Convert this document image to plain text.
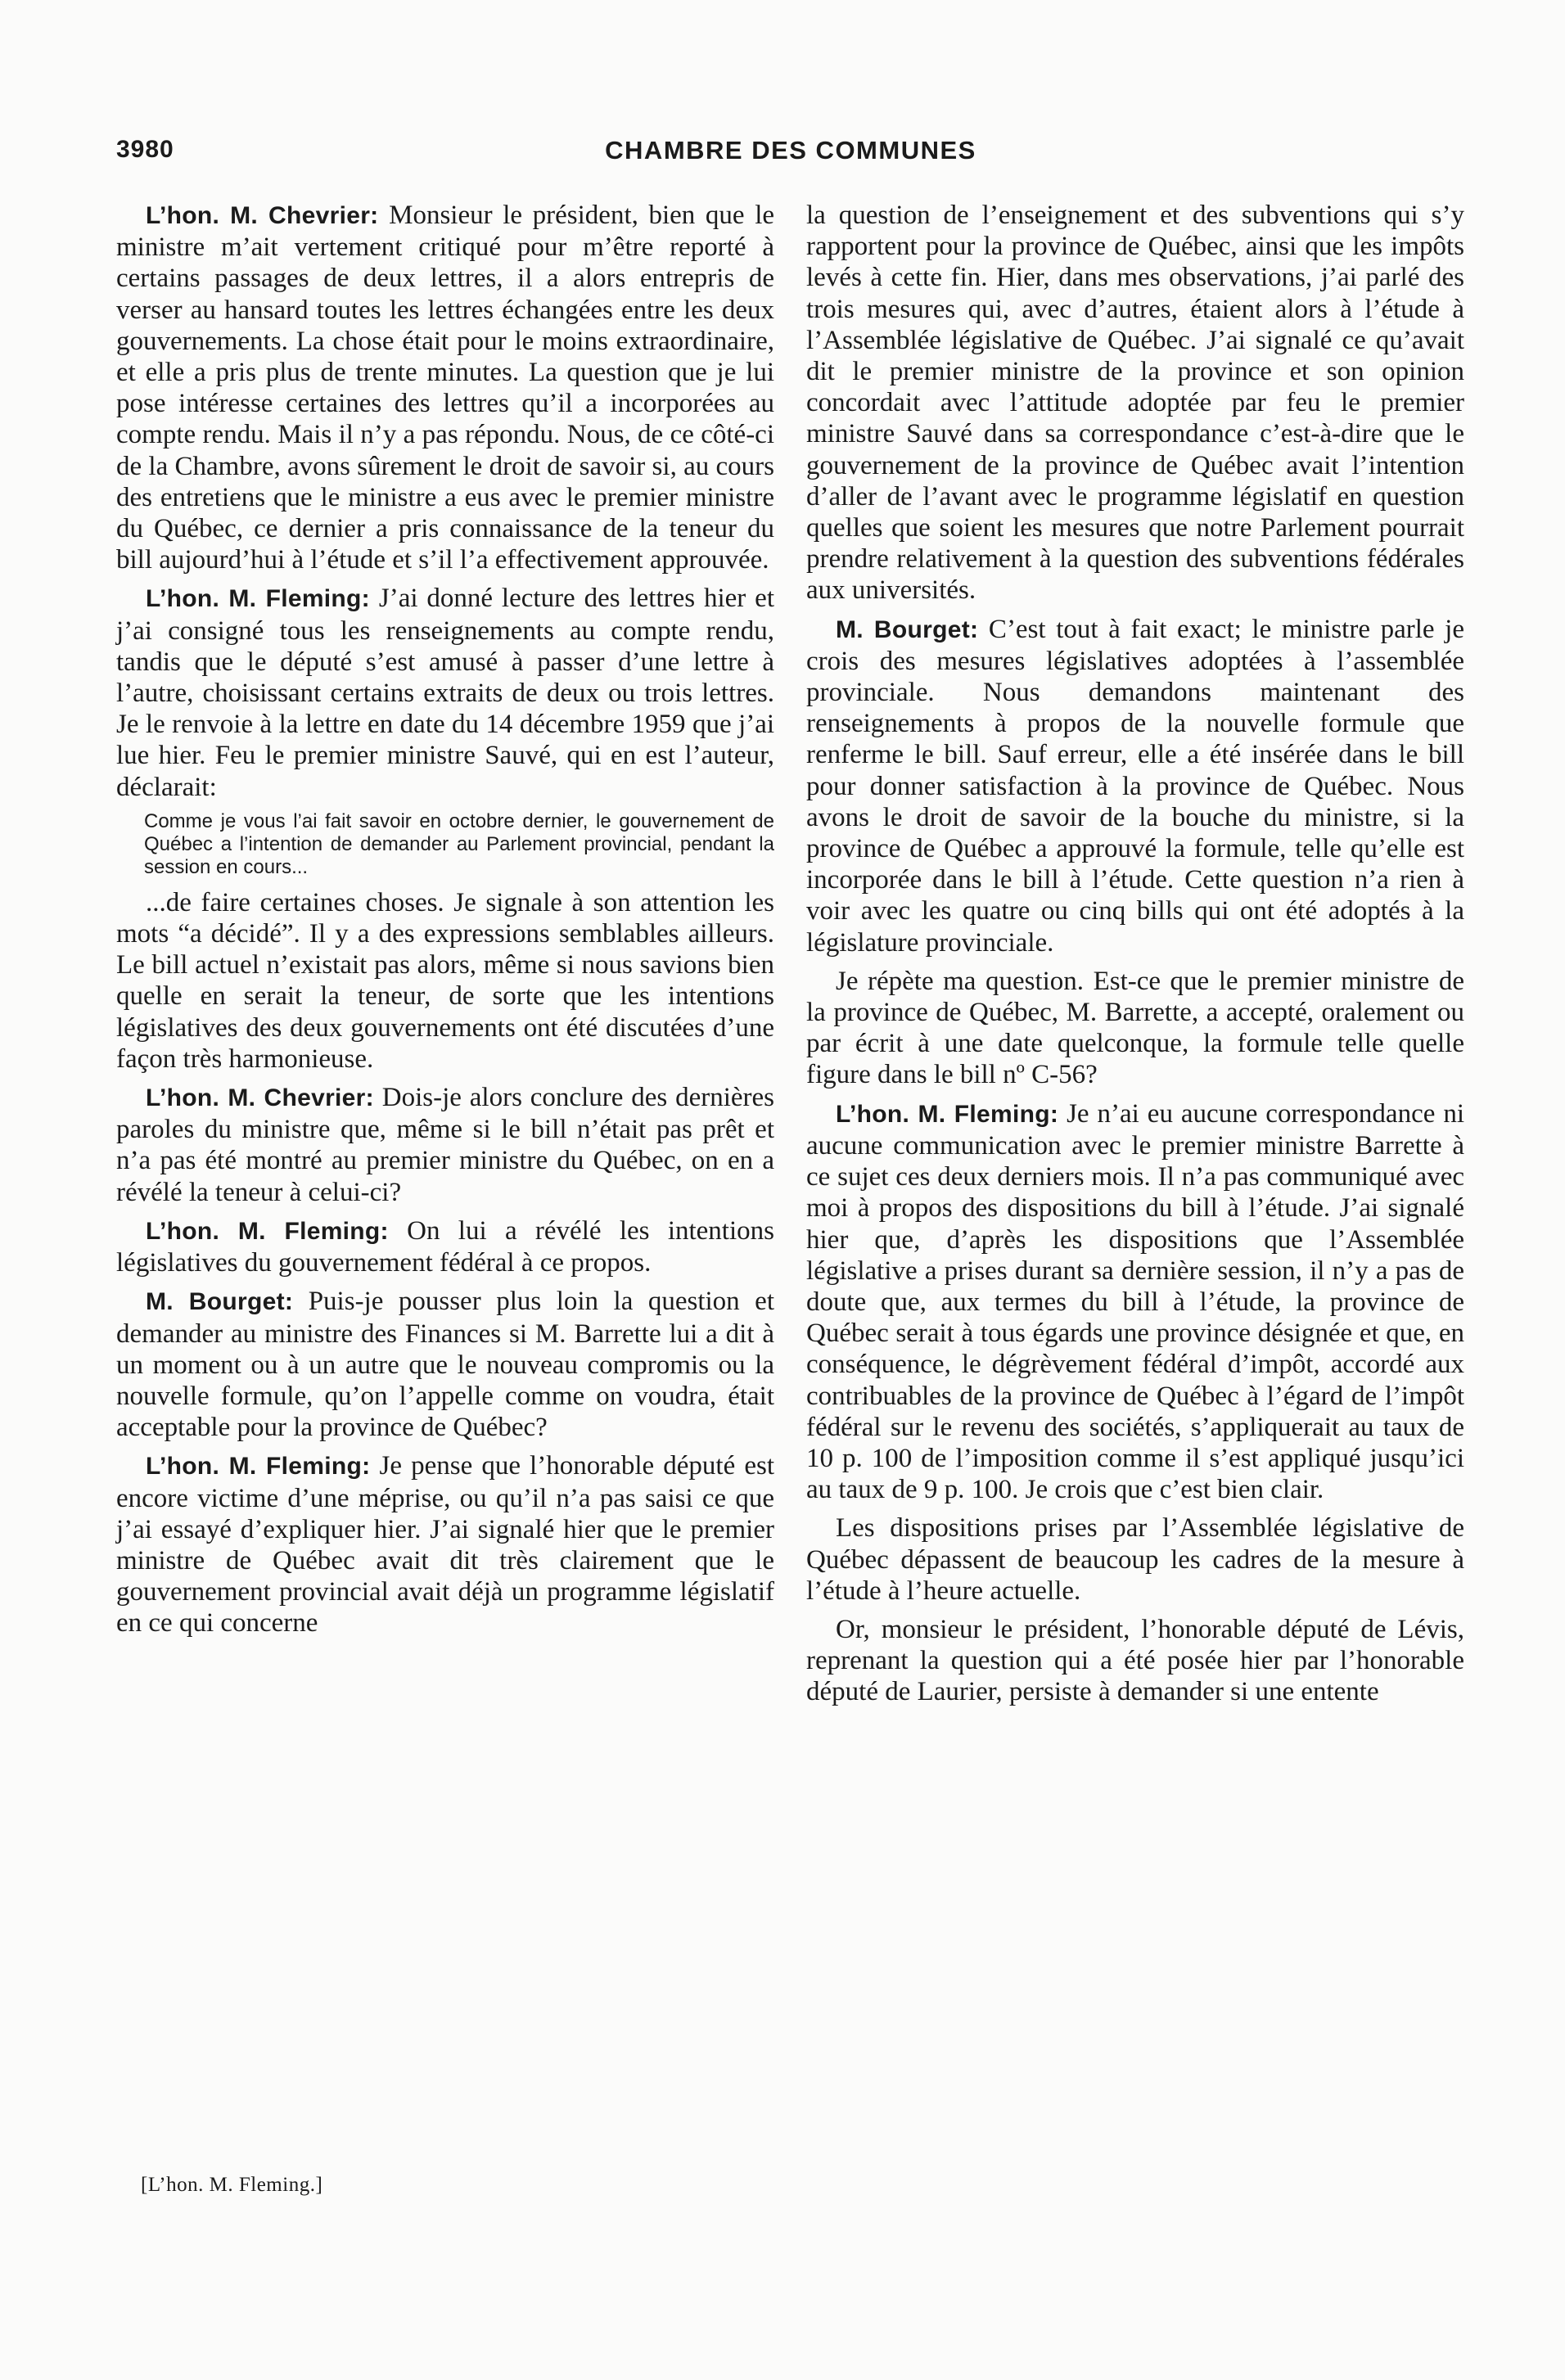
3980	CHAMBRE DES COMMUNES

L’hon. M. Chevrier: Monsieur le président, bien que le ministre m’ait vertement critiqué pour m’être reporté à certains passages de deux lettres, il a alors entrepris de verser au hansard toutes les lettres échangées entre les deux gouvernements. La chose était pour le moins extraordinaire, et elle a pris plus de trente minutes. La question que je lui pose intéresse certaines des lettres qu’il a incorporées au compte rendu. Mais il n’y a pas répondu. Nous, de ce côté-ci de la Chambre, avons sûrement le droit de savoir si, au cours des entretiens que le ministre a eus avec le premier ministre du Québec, ce dernier a pris connaissance de la teneur du bill aujourd’hui à l’étude et s’il l’a effectivement approuvée.

L’hon. M. Fleming: J’ai donné lecture des lettres hier et j’ai consigné tous les renseignements au compte rendu, tandis que le député s’est amusé à passer d’une lettre à l’autre, choisissant certains extraits de deux ou trois lettres. Je le renvoie à la lettre en date du 14 décembre 1959 que j’ai lue hier. Feu le premier ministre Sauvé, qui en est l’auteur, déclarait:

Comme je vous l’ai fait savoir en octobre dernier, le gouvernement de Québec a l’intention de demander au Parlement provincial, pendant la session en cours...

...de faire certaines choses. Je signale à son attention les mots “a décidé”. Il y a des expressions semblables ailleurs. Le bill actuel n’existait pas alors, même si nous savions bien quelle en serait la teneur, de sorte que les intentions législatives des deux gouvernements ont été discutées d’une façon très harmonieuse.

L’hon. M. Chevrier: Dois-je alors conclure des dernières paroles du ministre que, même si le bill n’était pas prêt et n’a pas été montré au premier ministre du Québec, on en a révélé la teneur à celui-ci?

L’hon. M. Fleming: On lui a révélé les intentions législatives du gouvernement fédéral à ce propos.

M. Bourget: Puis-je pousser plus loin la question et demander au ministre des Finances si M. Barrette lui a dit à un moment ou à un autre que le nouveau compromis ou la nouvelle formule, qu’on l’appelle comme on voudra, était acceptable pour la province de Québec?

L’hon. M. Fleming: Je pense que l’honorable député est encore victime d’une méprise, ou qu’il n’a pas saisi ce que j’ai essayé d’expliquer hier. J’ai signalé hier que le premier ministre de Québec avait dit très clairement que le gouvernement provincial avait déjà un programme législatif en ce qui concerne

la question de l’enseignement et des subventions qui s’y rapportent pour la province de Québec, ainsi que les impôts levés à cette fin. Hier, dans mes observations, j’ai parlé des trois mesures qui, avec d’autres, étaient alors à l’étude à l’Assemblée législative de Québec. J’ai signalé ce qu’avait dit le premier ministre de la province et son opinion concordait avec l’attitude adoptée par feu le premier ministre Sauvé dans sa correspondance c’est-à-dire que le gouvernement de la province de Québec avait l’intention d’aller de l’avant avec le programme législatif en question quelles que soient les mesures que notre Parlement pourrait prendre relativement à la question des subventions fédérales aux universités.

M. Bourget: C’est tout à fait exact; le ministre parle je crois des mesures législatives adoptées à l’assemblée provinciale. Nous demandons maintenant des renseignements à propos de la nouvelle formule que renferme le bill. Sauf erreur, elle a été insérée dans le bill pour donner satisfaction à la province de Québec. Nous avons le droit de savoir de la bouche du ministre, si la province de Québec a approuvé la formule, telle qu’elle est incorporée dans le bill à l’étude. Cette question n’a rien à voir avec les quatre ou cinq bills qui ont été adoptés à la législature provinciale.

Je répète ma question. Est-ce que le premier ministre de la province de Québec, M. Barrette, a accepté, oralement ou par écrit à une date quelconque, la formule telle quelle figure dans le bill nº C-56?

L’hon. M. Fleming: Je n’ai eu aucune correspondance ni aucune communication avec le premier ministre Barrette à ce sujet ces deux derniers mois. Il n’a pas communiqué avec moi à propos des dispositions du bill à l’étude. J’ai signalé hier que, d’après les dispositions que l’Assemblée législative a prises durant sa dernière session, il n’y a pas de doute que, aux termes du bill à l’étude, la province de Québec serait à tous égards une province désignée et que, en conséquence, le dégrèvement fédéral d’impôt, accordé aux contribuables de la province de Québec à l’égard de l’impôt fédéral sur le revenu des sociétés, s’appliquerait au taux de 10 p. 100 de l’imposition comme il s’est appliqué jusqu’ici au taux de 9 p. 100. Je crois que c’est bien clair.

Les dispositions prises par l’Assemblée législative de Québec dépassent de beaucoup les cadres de la mesure à l’étude à l’heure actuelle.

Or, monsieur le président, l’honorable député de Lévis, reprenant la question qui a été posée hier par l’honorable député de Laurier, persiste à demander si une entente

[L’hon. M. Fleming.]
